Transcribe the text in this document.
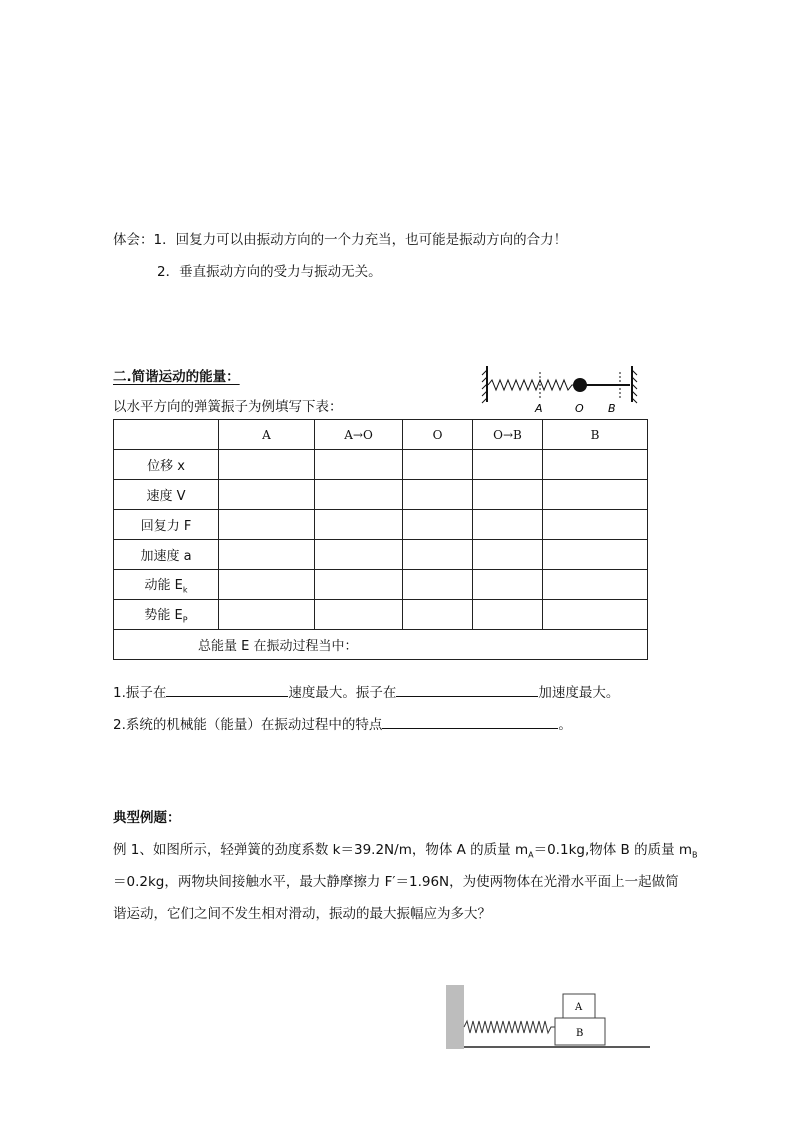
体会：1．回复力可以由振动方向的一个力充当，也可能是振动方向的合力！
2．垂直振动方向的受力与振动无关。
二.简谐运动的能量：
以水平方向的弹簧振子为例填写下表：	A	O B
	A	A→O	O	O→B	B
位移 x					
速度 V					
回复力 F					
加速度 a					
动能 $E_k$					
势能 $E_P$					
总能量 E 在振动过程当中：					
1.振子在	速度最大。振子在	加速度最大。
2.系统的机械能（能量）在振动过程中的特点	。
典型例题：
例 1、如图所示，轻弹簧的劲度系数 k＝39.2N/m，物体 A 的质量 $m_A=0.1kg$,物体 B 的质量 $m_B$
＝0.2kg，两物块间接触水平，最大静摩擦力 F′＝1.96N，为使两物体在光滑水平面上一起做简
谐运动，它们之间不发生相对滑动，振动的最大振幅应为多大？
A
B
